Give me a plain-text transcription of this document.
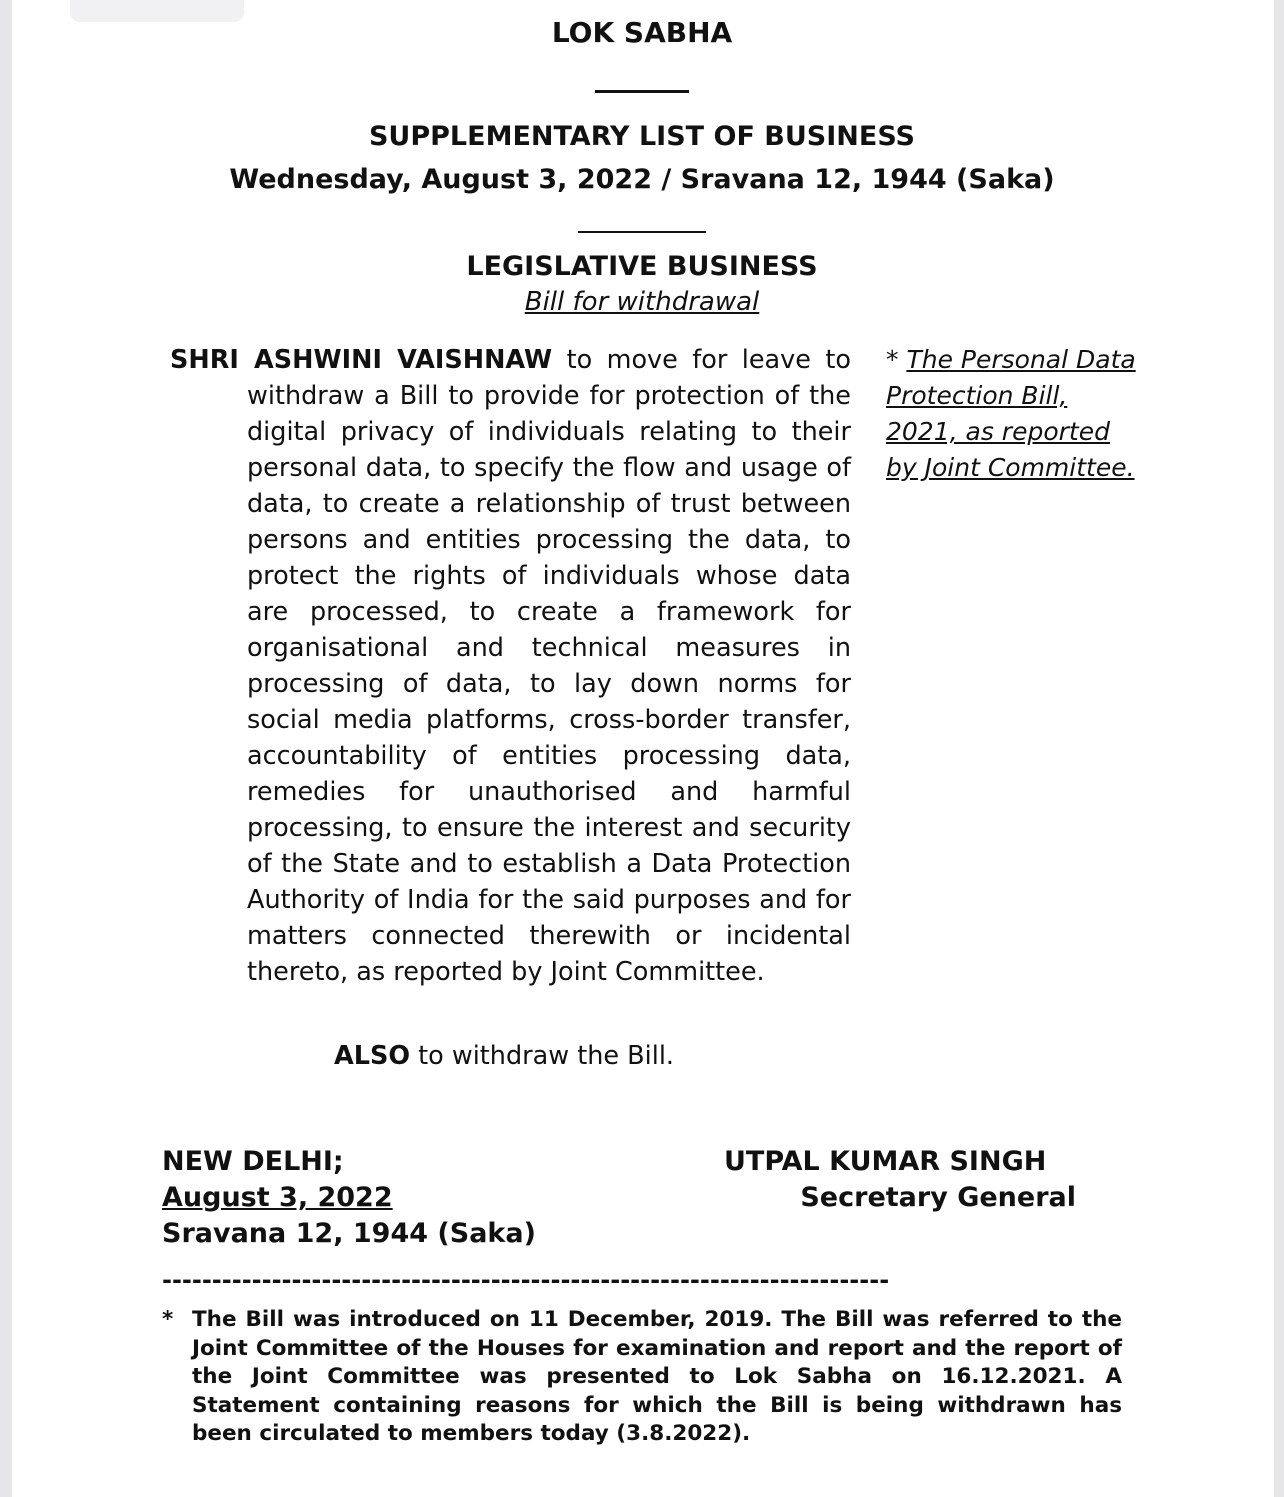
LOK SABHA
SUPPLEMENTARY LIST OF BUSINESS
Wednesday, August 3, 2022 / Sravana 12, 1944 (Saka)
LEGISLATIVE BUSINESS
Bill for withdrawal
SHRI ASHWINI VAISHNAW to move for leave to withdraw a Bill to provide for protection of the digital privacy of individuals relating to their personal data, to specify the flow and usage of data, to create a relationship of trust between persons and entities processing the data, to protect the rights of individuals whose data are processed, to create a framework for organisational and technical measures in processing of data, to lay down norms for social media platforms, cross-border transfer, accountability of entities processing data, remedies for unauthorised and harmful processing, to ensure the interest and security of the State and to establish a Data Protection Authority of India for the said purposes and for matters connected therewith or incidental thereto, as reported by Joint Committee.
* The Personal Data Protection Bill, 2021, as reported by Joint Committee.
ALSO to withdraw the Bill.
NEW DELHI;
August 3, 2022
Sravana 12, 1944 (Saka)
UTPAL KUMAR SINGH
Secretary General
-------------------------------------------------------------------------
* The Bill was introduced on 11 December, 2019. The Bill was referred to the Joint Committee of the Houses for examination and report and the report of the Joint Committee was presented to Lok Sabha on 16.12.2021. A Statement containing reasons for which the Bill is being withdrawn has been circulated to members today (3.8.2022).
